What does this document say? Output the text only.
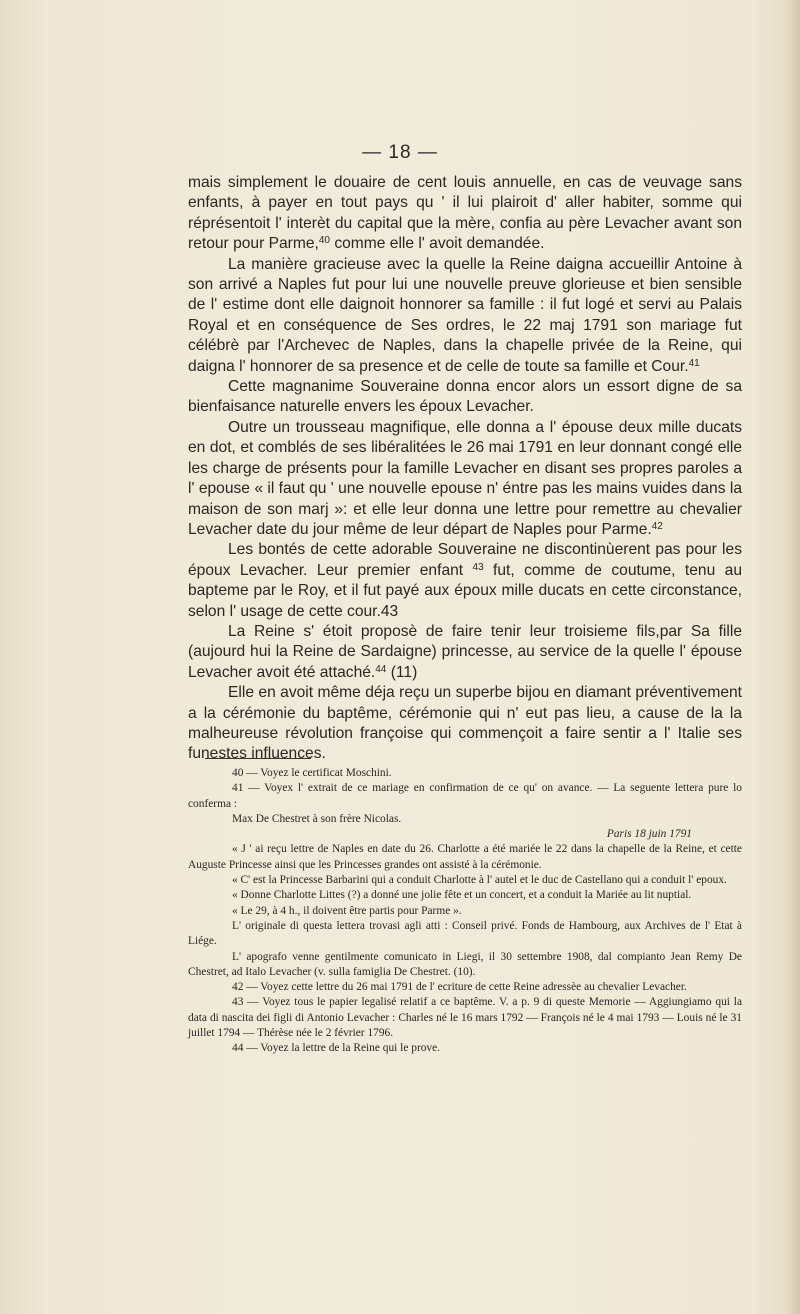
— 18 —

mais simplement le douaire de cent louis annuelle, en cas de veuvage sans enfants, à payer en tout pays qu ' il lui plairoit d' aller habiter, somme qui réprésentoit l' interèt du capital que la mère, confia au père Levacher avant son retour pour Parme,$^{40}$ comme elle l' avoit demandée.

La manière gracieuse avec la quelle la Reine daigna accueillir Antoine à son arrivé a Naples fut pour lui une nouvelle preuve glorieuse et bien sensible de l' estime dont elle daignoit honnorer sa famille : il fut logé et servi au Palais Royal et en conséquence de Ses ordres, le 22 maj 1791 son mariage fut célébrè par l'Archevec de Naples, dans la chapelle privée de la Reine, qui daigna l' honnorer de sa presence et de celle de toute sa famille et Cour.$^{41}$

Cette magnanime Souveraine donna encor alors un essort digne de sa bienfaisance naturelle envers les époux Levacher.

Outre un trousseau magnifique, elle donna a l' épouse deux mille ducats en dot, et comblés de ses libéralitées le 26 mai 1791 en leur donnant congé elle les charge de présents pour la famille Levacher en disant ses propres paroles a l' epouse « il faut qu ' une nouvelle epouse n' éntre pas les mains vuides dans la maison de son marj »: et elle leur donna une lettre pour remettre au chevalier Levacher date du jour même de leur départ de Naples pour Parme.$^{42}$

Les bontés de cette adorable Souveraine ne discontinùerent pas pour les époux Levacher. Leur premier enfant $^{43}$ fut, comme de coutume, tenu au bapteme par le Roy, et il fut payé aux époux mille ducats en cette circonstance, selon l' usage de cette cour.43

La Reine s' étoit proposè de faire tenir leur troisieme fils,par Sa fille (aujourd hui la Reine de Sardaigne) princesse, au service de la quelle l' épouse Levacher avoit été attaché.$^{44}$ (11)

Elle en avoit même déja reçu un superbe bijou en diamant préventivement a la cérémonie du baptême, cérémonie qui n' eut pas lieu, a cause de la la malheureuse révolution françoise qui commençoit a faire sentir a l' Italie ses funestes influences.

40 — Voyez le certificat Moschini.

41 — Voyex l' extrait de ce mariage en confirmation de ce qu' on avance. — La seguente lettera pure lo conferma :

Max De Chestret à son frère Nicolas.

Paris 18 juin 1791

« J ' ai reçu lettre de Naples en date du 26. Charlotte a été mariée le 22 dans la chapelle de la Reine, et cette Auguste Princesse ainsi que les Princesses grandes ont assisté à la cérémonie.

« C' est la Princesse Barbarini qui a conduit Charlotte à l' autel et le duc de Castellano qui a conduit l' epoux.

« Donne Charlotte Littes (?) a donné une jolie fête et un concert, et a conduit la Mariée au lit nuptial.

« Le 29, à 4 h., il doivent être partis pour Parme ».

L' originale di questa lettera trovasi agli atti : Conseil privé. Fonds de Hambourg, aux Archives de l' Etat à Liége.

L' apografo venne gentilmente comunicato in Liegi, il 30 settembre 1908, dal compianto Jean Remy De Chestret, ad Italo Levacher (v. sulla famiglia De Chestret. (10).

42 — Voyez cette lettre du 26 mai 1791 de l' ecriture de cette Reine adressèe au chevalier Levacher.

43 — Voyez tous le papier legalisé relatif a ce baptême. V. a p. 9 di queste Memorie — Aggiungiamo qui la data di nascita dei figli di Antonio Levacher : Charles né le 16 mars 1792 — François né le 4 mai 1793 — Louis né le 31 juillet 1794 — Thérèse née le 2 février 1796.

44 — Voyez la lettre de la Reine qui le prove.
